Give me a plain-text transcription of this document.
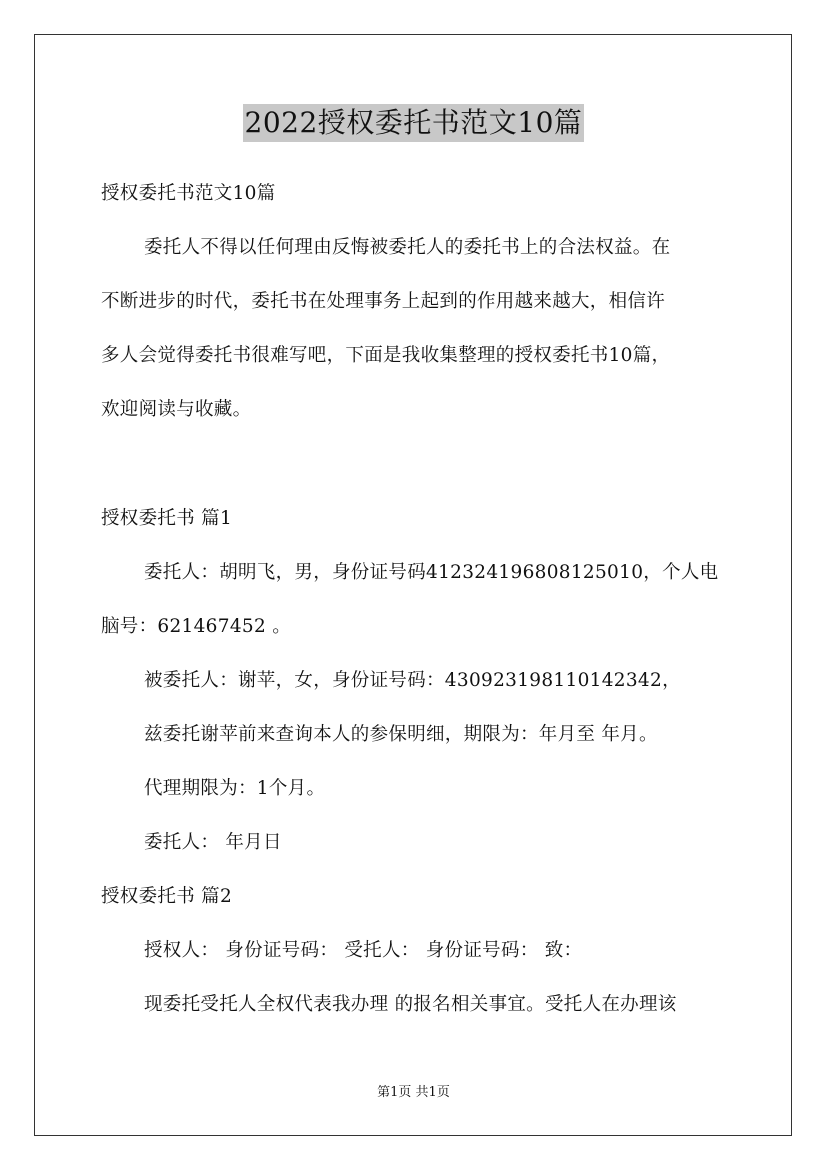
2022授权委托书范文10篇
授权委托书范文10篇
委托人不得以任何理由反悔被委托人的委托书上的合法权益。在
不断进步的时代，委托书在处理事务上起到的作用越来越大，相信许
多人会觉得委托书很难写吧，下面是我收集整理的授权委托书10篇，
欢迎阅读与收藏。
授权委托书 篇1
委托人：胡明飞，男，身份证号码412324196808125010，个人电
脑号：621467452 。
被委托人：谢苹，女，身份证号码：430923198110142342，
兹委托谢苹前来查询本人的参保明细，期限为：年月至 年月。
代理期限为：1个月。
委托人： 年月日
授权委托书 篇2
授权人： 身份证号码： 受托人： 身份证号码： 致：
现委托受托人全权代表我办理 的报名相关事宜。受托人在办理该
第1页 共1页
